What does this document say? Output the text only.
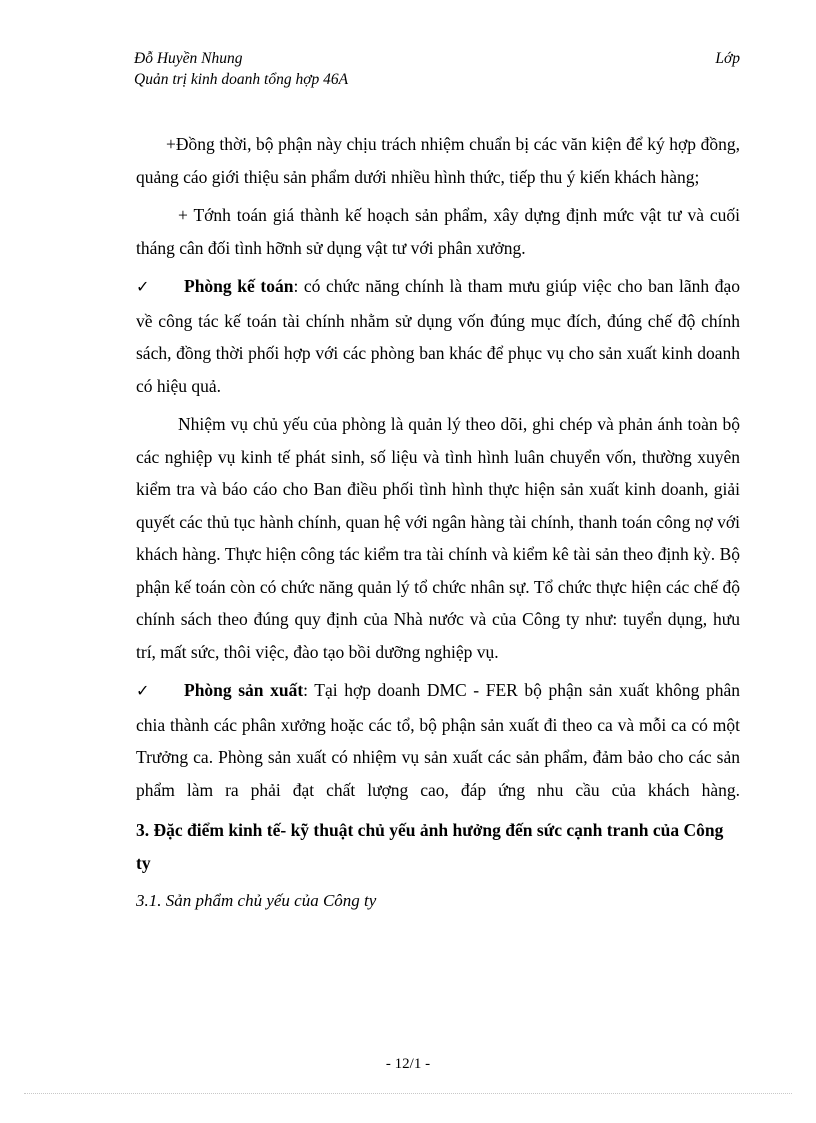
Đỗ Huyền Nhung
Quản trị kinh doanh tổng hợp 46A
Lớp

+Đồng thời, bộ phận này chịu trách nhiệm chuẩn bị các văn kiện để ký hợp đồng, quảng cáo giới thiệu sản phẩm dưới nhiều hình thức, tiếp thu ý kiến khách hàng;

+ Tớnh toán giá thành kế hoạch sản phẩm, xây dựng định mức vật tư và cuối tháng cân đối tình hỡnh sử dụng vật tư với phân xưởng.

✓ Phòng kế toán: có chức năng chính là tham mưu giúp việc cho ban lãnh đạo về công tác kế toán tài chính nhằm sử dụng vốn đúng mục đích, đúng chế độ chính sách, đồng thời phối hợp với các phòng ban khác để phục vụ cho sản xuất kinh doanh có hiệu quả.

Nhiệm vụ chủ yếu của phòng là quản lý theo dõi, ghi chép và phản ánh toàn bộ các nghiệp vụ kinh tế phát sinh, số liệu và tình hình luân chuyển vốn, thường xuyên kiểm tra và báo cáo cho Ban điều phối tình hình thực hiện sản xuất kinh doanh, giải quyết các thủ tục hành chính, quan hệ với ngân hàng tài chính, thanh toán công nợ với khách hàng. Thực hiện công tác kiểm tra tài chính và kiểm kê tài sản theo định kỳ. Bộ phận kế toán còn có chức năng quản lý tổ chức nhân sự. Tổ chức thực hiện các chế độ chính sách theo đúng quy định của Nhà nước và của Công ty như: tuyển dụng, hưu trí, mất sức, thôi việc, đào tạo bồi dưỡng nghiệp vụ.

✓ Phòng sản xuất: Tại hợp doanh DMC - FER bộ phận sản xuất không phân chia thành các phân xưởng hoặc các tổ, bộ phận sản xuất đi theo ca và mỗi ca có một Trưởng ca. Phòng sản xuất có nhiệm vụ sản xuất các sản phẩm, đảm bảo cho các sản phẩm làm ra phải đạt chất lượng cao, đáp ứng nhu cầu của khách hàng.

3. Đặc điểm kinh tế- kỹ thuật chủ yếu ảnh hưởng đến sức cạnh tranh của Công ty
3.1. Sản phẩm chủ yếu của Công ty
- 12/1 -
